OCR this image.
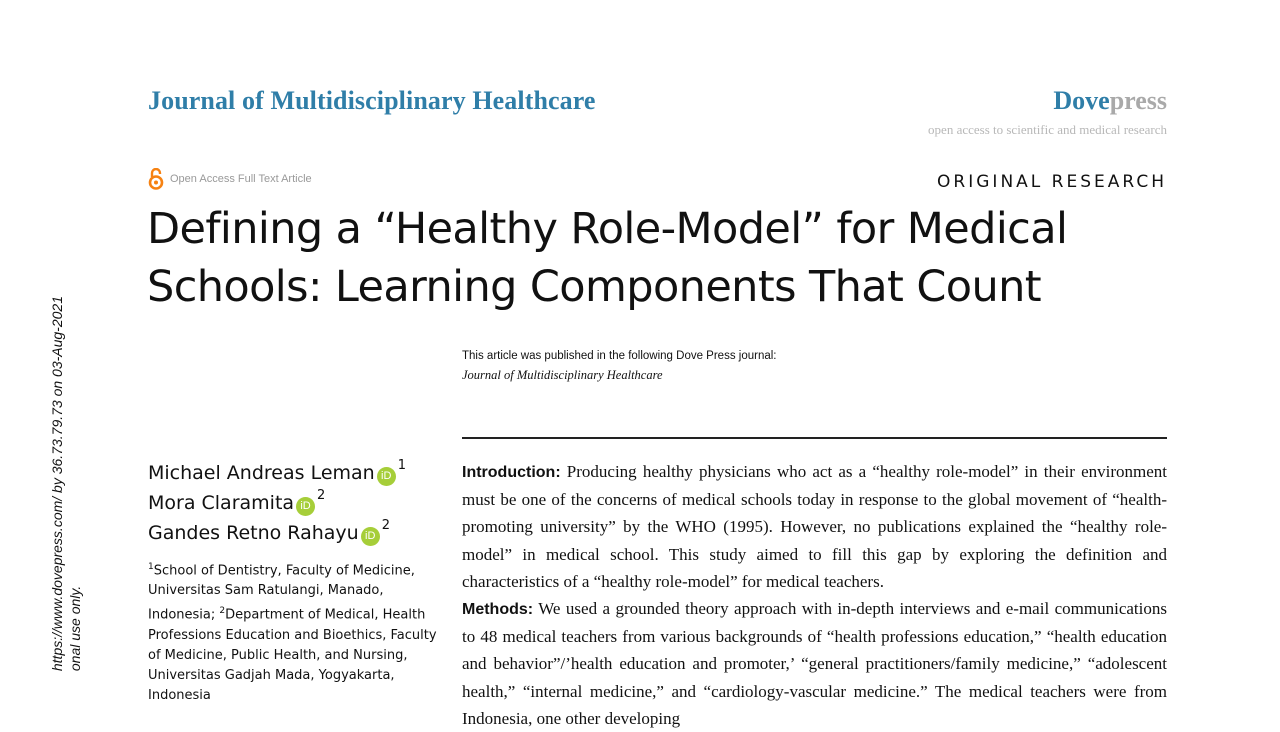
Journal of Multidisciplinary Healthcare	Dovepress
open access to scientific and medical research
Open Access Full Text Article	ORIGINAL RESEARCH
Defining a “Healthy Role-Model” for Medical
Schools: Learning Components That Count
This article was published in the following Dove Press journal:
Journal of Multidisciplinary Healthcare
Michael Andreas Leman iD
1
Mora Claramita iD
2
Gandes Retno Rahayu iD
2
$^1$School of Dentistry, Faculty of Medicine, Universitas Sam Ratulangi, Manado, Indonesia; $^2$Department of Medical, Health Professions Education and Bioethics, Faculty of Medicine, Public Health, and Nursing, Universitas Gadjah Mada, Yogyakarta, Indonesia

Introduction: Producing healthy physicians who act as a “healthy role-model” in their environment must be one of the concerns of medical schools today in response to the global movement of “health-promoting university” by the WHO (1995). However, no publications explained the “healthy role-model” in medical school. This study aimed to fill this gap by exploring the definition and characteristics of a “healthy role-model” for medical teachers.

Methods: We used a grounded theory approach with in-depth interviews and e-mail communications to 48 medical teachers from various backgrounds of “health professions education,” “health education and behavior”/’health education and promoter,’ “general practitioners/family medicine,” “adolescent health,” “internal medicine,” and “cardiology-vascular medicine.” The medical teachers were from Indonesia, one other developing

https://www.dovepress.com/ by 36.73.79.73 on 03-Aug-2021 onal use only.
